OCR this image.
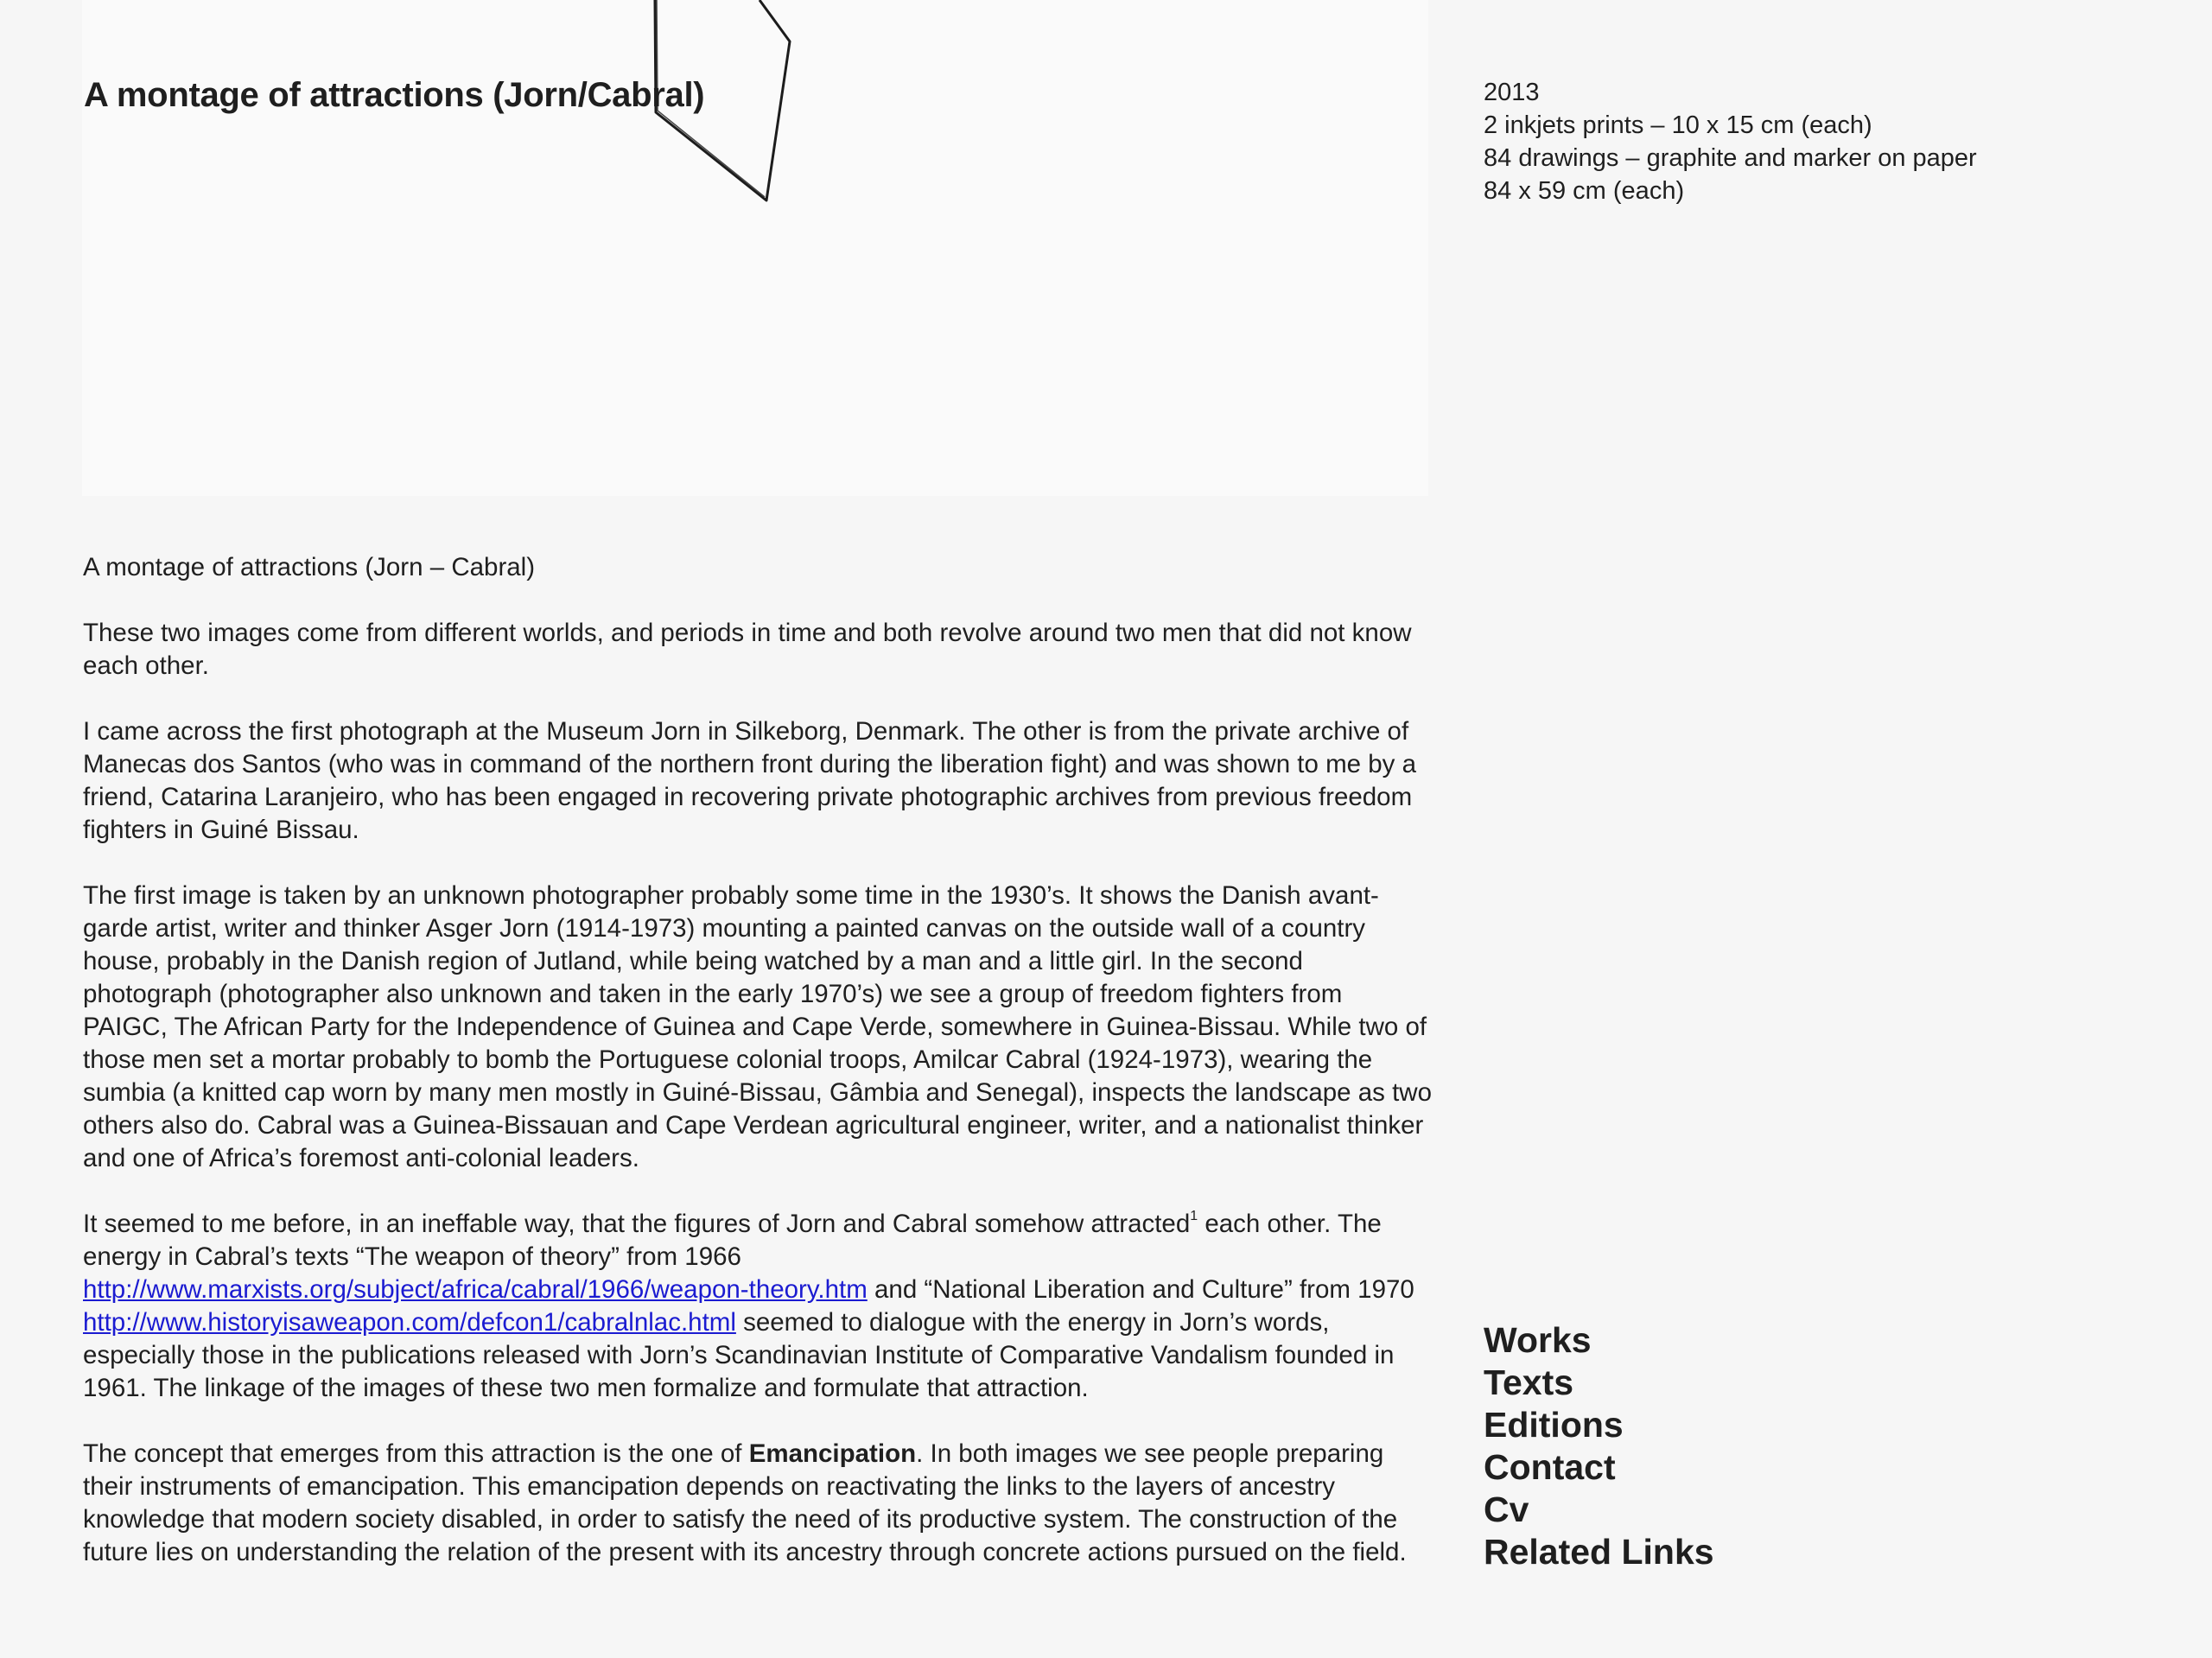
A montage of attractions (Jorn/Cabral)	2013
2 inkjets prints – 10 x 15 cm (each)
84 drawings – graphite and marker on paper
84 x 59 cm (each)

A montage of attractions (Jorn – Cabral)

These two images come from different worlds, and periods in time and both revolve around two men that did not know each other.

I came across the first photograph at the Museum Jorn in Silkeborg, Denmark. The other is from the private archive of Manecas dos Santos (who was in command of the northern front during the liberation fight) and was shown to me by a friend, Catarina Laranjeiro, who has been engaged in recovering private photographic archives from previous freedom fighters in Guiné Bissau.

The first image is taken by an unknown photographer probably some time in the 1930’s. It shows the Danish avant-garde artist, writer and thinker Asger Jorn (1914-1973) mounting a painted canvas on the outside wall of a country house, probably in the Danish region of Jutland, while being watched by a man and a little girl. In the second photograph (photographer also unknown and taken in the early 1970’s) we see a group of freedom fighters from PAIGC, The African Party for the Independence of Guinea and Cape Verde, somewhere in Guinea-Bissau. While two of those men set a mortar probably to bomb the Portuguese colonial troops, Amilcar Cabral (1924-1973), wearing the sumbia (a knitted cap worn by many men mostly in Guiné-Bissau, Gâmbia and Senegal), inspects the landscape as two others also do. Cabral was a Guinea-Bissauan and Cape Verdean agricultural engineer, writer, and a nationalist thinker and one of Africa’s foremost anti-colonial leaders.

It seemed to me before, in an ineffable way, that the figures of Jorn and Cabral somehow attracted$^1$ each other. The energy in Cabral’s texts “The weapon of theory” from 1966
http://www.marxists.org/subject/africa/cabral/1966/weapon-theory.htm and “National Liberation and Culture” from 1970 http://www.historyisaweapon.com/defcon1/cabralnlac.html seemed to dialogue with the energy in Jorn’s words, especially those in the publications released with Jorn’s Scandinavian Institute of Comparative Vandalism founded in 1961. The linkage of the images of these two men formalize and formulate that attraction.

The concept that emerges from this attraction is the one of Emancipation. In both images we see people preparing their instruments of emancipation. This emancipation depends on reactivating the links to the layers of ancestry knowledge that modern society disabled, in order to satisfy the need of its productive system. The construction of the future lies on understanding the relation of the present with its ancestry through concrete actions pursued on the field.

Works
Texts
Editions
Contact
Cv
Related Links
